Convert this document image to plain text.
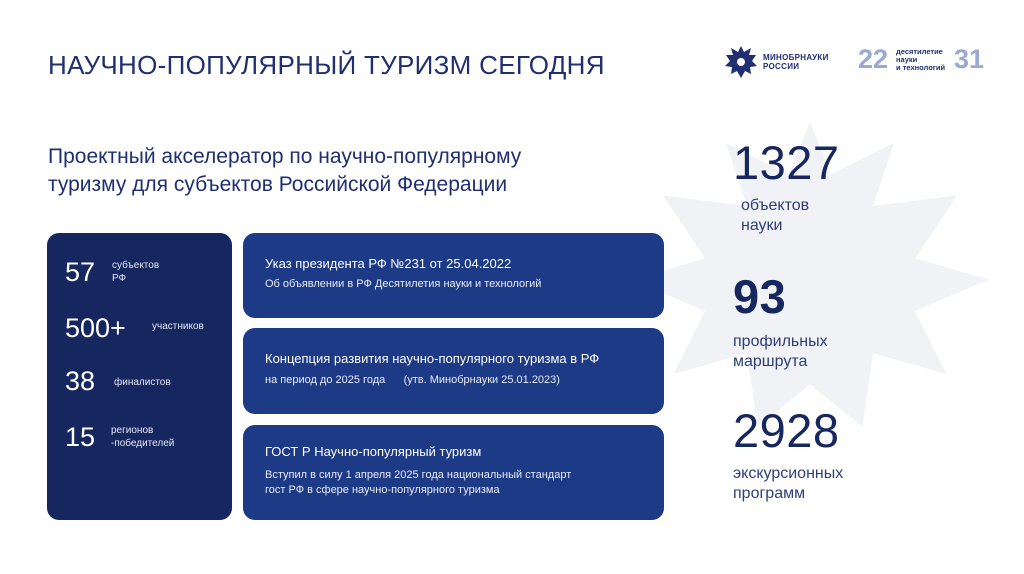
НАУЧНО-ПОПУЛЯРНЫЙ ТУРИЗМ СЕГОДНЯ	МИНОБРНАУКИ
РОССИИ	22 десятилетие
науки
и технологий 31
Проектный акселератор по научно-популярному
туризму для субъектов Российской Федерации
57 субъектов
РФ
500+	участников
38 финалистов
15 регионов
-победителей
Указ президента РФ №231 от 25.04.2022
Об объявлении в РФ Десятилетия науки и технологий
Концепция развития научно-популярного туризма в РФ
на период до 2025 года      (утв. Минобрнауки 25.01.2023)
ГОСТ Р Научно-популярный туризм
Вступил в силу 1 апреля 2025 года национальный стандарт
гост РФ в сфере научно-популярного туризма
1327
объектов
науки
93
профильных
маршрута
2928
экскурсионных
программ
